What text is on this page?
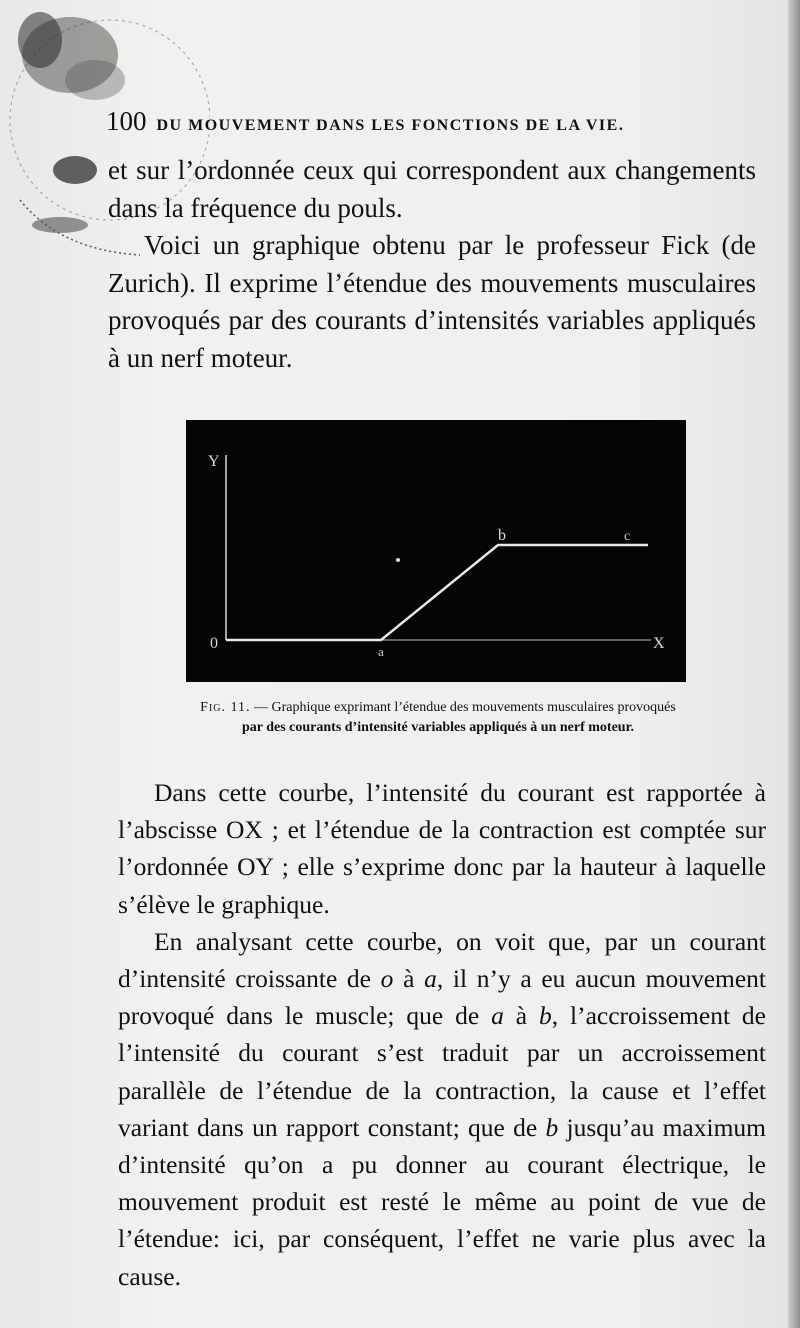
100 DU MOUVEMENT DANS LES FONCTIONS DE LA VIE.

et sur l’ordonnée ceux qui correspondent aux changements dans la fréquence du pouls.

Voici un graphique obtenu par le professeur Fick (de Zurich). Il exprime l’étendue des mouvements musculaires provoqués par des courants d’intensités variables appliqués à un nerf moteur.

Y
0	X
a
b	c
Fig. 11. — Graphique exprimant l’étendue des mouvements musculaires provoqués
par des courants d’intensité variables appliqués à un nerf moteur.

Dans cette courbe, l’intensité du courant est rapportée à l’abscisse OX ; et l’étendue de la contraction est comptée sur l’ordonnée OY ; elle s’exprime donc par la hauteur à laquelle s’élève le graphique.

En analysant cette courbe, on voit que, par un courant d’intensité croissante de o à a, il n’y a eu aucun mouvement provoqué dans le muscle; que de a à b, l’accroissement de l’intensité du courant s’est traduit par un accroissement parallèle de l’étendue de la contraction, la cause et l’effet variant dans un rapport constant; que de b jusqu’au maximum d’intensité qu’on a pu donner au courant électrique, le mouvement produit est resté le même au point de vue de l’étendue: ici, par conséquent, l’effet ne varie plus avec la cause.
